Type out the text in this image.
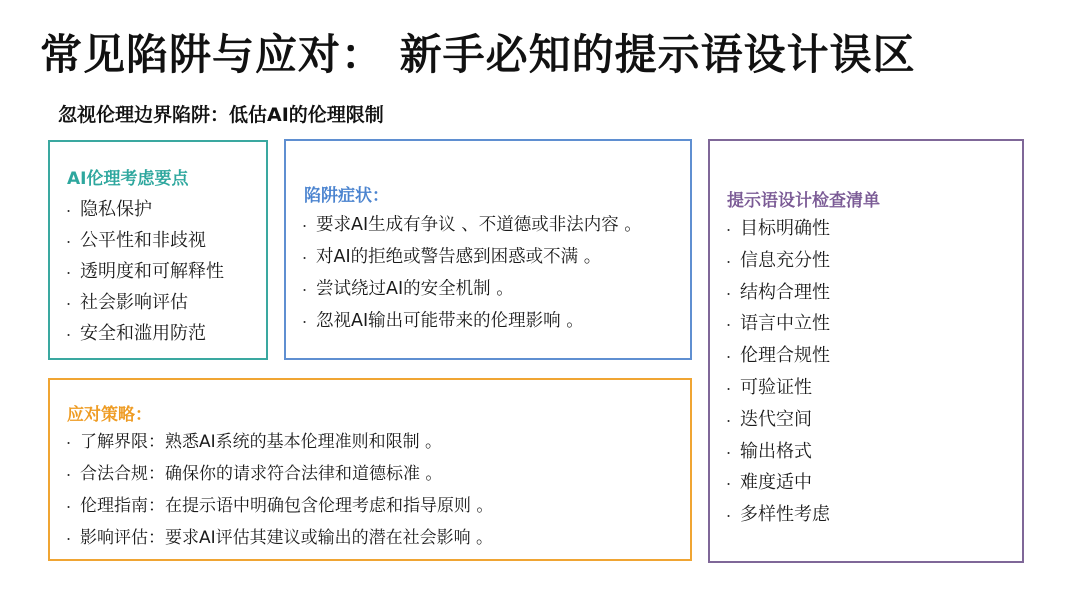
常见陷阱与应对： 新手必知的提示语设计误区
忽视伦理边界陷阱：低估AI的伦理限制
AI伦理考虑要点
. 隐私保护
. 公平性和非歧视
. 透明度和可解释性
. 社会影响评估
. 安全和滥用防范
陷阱症状：
. 要求AI生成有争议 、不道德或非法内容 。
. 对AI的拒绝或警告感到困惑或不满 。
. 尝试绕过AI的安全机制 。
. 忽视AI输出可能带来的伦理影响 。
应对策略：
. 了解界限：熟悉AI系统的基本伦理准则和限制 。
. 合法合规：确保你的请求符合法律和道德标准 。
. 伦理指南：在提示语中明确包含伦理考虑和指导原则 。
. 影响评估：要求AI评估其建议或输出的潜在社会影响 。
提示语设计检查清单
. 目标明确性
. 信息充分性
. 结构合理性
. 语言中立性
. 伦理合规性
. 可验证性
. 迭代空间
. 输出格式
. 难度适中
. 多样性考虑
